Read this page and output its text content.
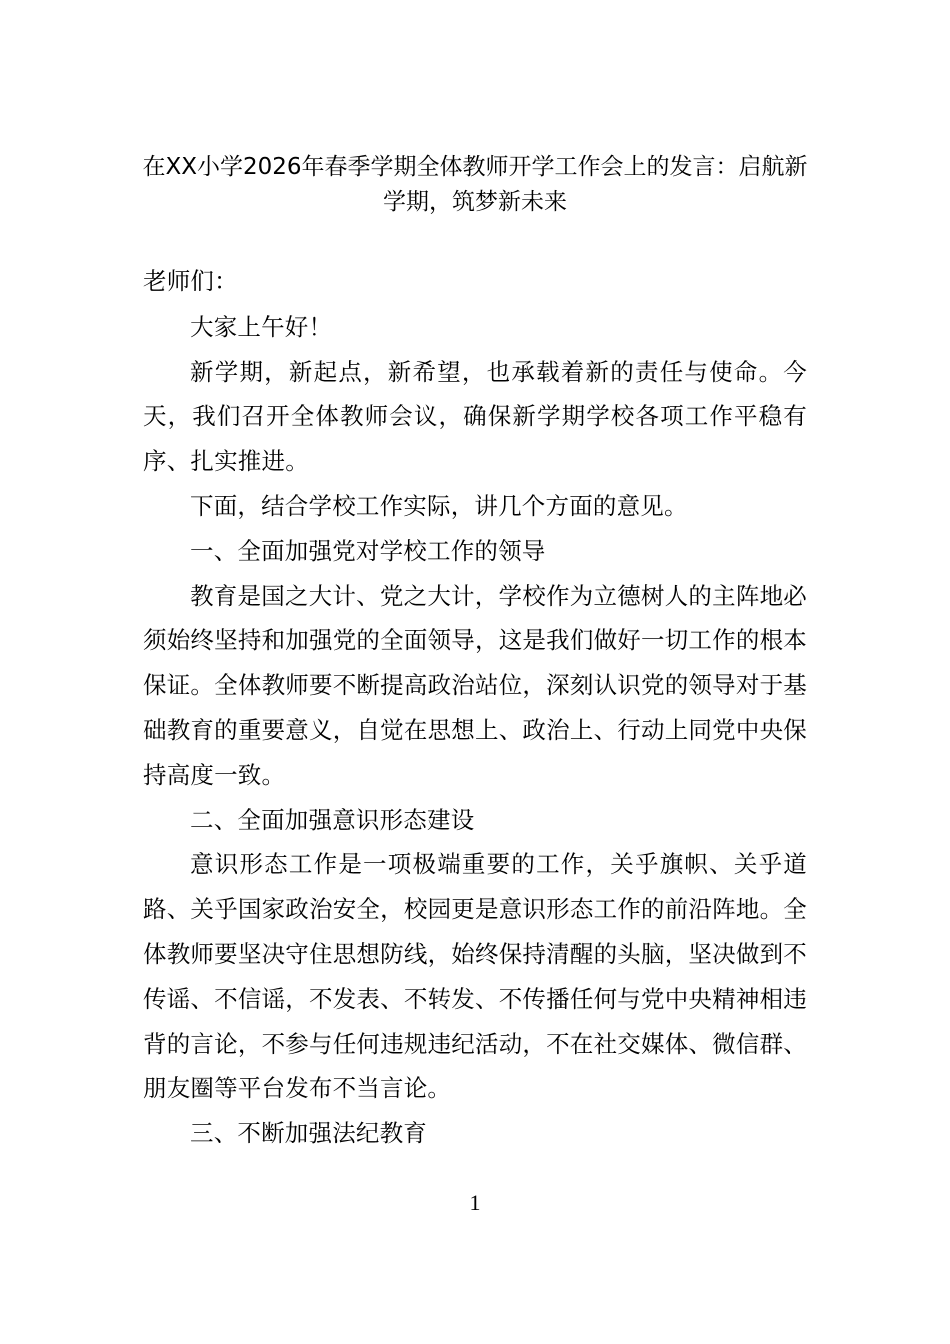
在XX小学2026年春季学期全体教师开学工作会上的发言：启航新学期，筑梦新未来

老师们：

大家上午好！

新学期，新起点，新希望，也承载着新的责任与使命。今天，我们召开全体教师会议，确保新学期学校各项工作平稳有序、扎实推进。

下面，结合学校工作实际，讲几个方面的意见。

一、全面加强党对学校工作的领导

教育是国之大计、党之大计，学校作为立德树人的主阵地必须始终坚持和加强党的全面领导，这是我们做好一切工作的根本保证。全体教师要不断提高政治站位，深刻认识党的领导对于基础教育的重要意义，自觉在思想上、政治上、行动上同党中央保持高度一致。

二、全面加强意识形态建设

意识形态工作是一项极端重要的工作，关乎旗帜、关乎道路、关乎国家政治安全，校园更是意识形态工作的前沿阵地。全体教师要坚决守住思想防线，始终保持清醒的头脑，坚决做到不传谣、不信谣，不发表、不转发、不传播任何与党中央精神相违背的言论，不参与任何违规违纪活动，不在社交媒体、微信群、朋友圈等平台发布不当言论。

三、不断加强法纪教育

1
